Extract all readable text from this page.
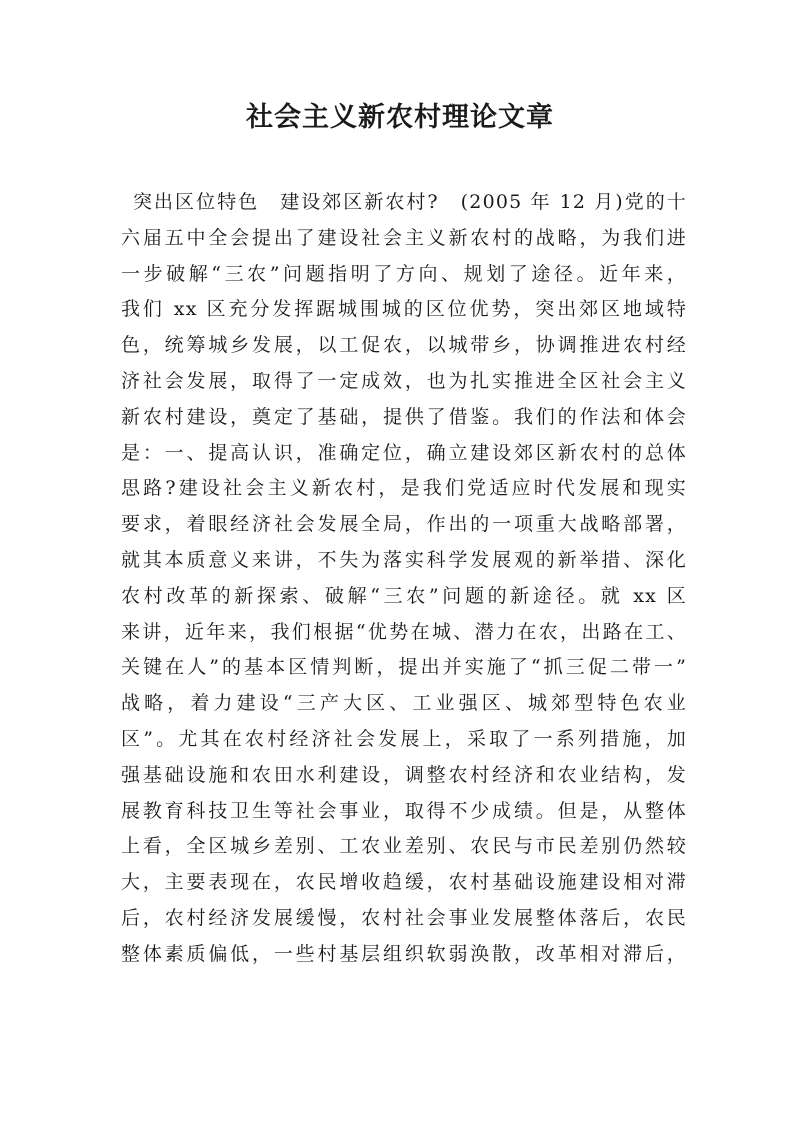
社会主义新农村理论文章
突出区位特色　建设郊区新农村?　(2005 年 12 月)党的十
六届五中全会提出了建设社会主义新农村的战略，为我们进
一步破解“三农”问题指明了方向、规划了途径。近年来，
我们 xx 区充分发挥踞城围城的区位优势，突出郊区地域特
色，统筹城乡发展，以工促农，以城带乡，协调推进农村经
济社会发展，取得了一定成效，也为扎实推进全区社会主义
新农村建设，奠定了基础，提供了借鉴。我们的作法和体会
是：一、提高认识，准确定位，确立建设郊区新农村的总体
思路?建设社会主义新农村，是我们党适应时代发展和现实
要求，着眼经济社会发展全局，作出的一项重大战略部署，
就其本质意义来讲，不失为落实科学发展观的新举措、深化
农村改革的新探索、破解“三农”问题的新途径。就 xx 区
来讲，近年来，我们根据“优势在城、潜力在农，出路在工、
关键在人”的基本区情判断，提出并实施了“抓三促二带一”
战略，着力建设“三产大区、工业强区、城郊型特色农业
区”。尤其在农村经济社会发展上，采取了一系列措施，加
强基础设施和农田水利建设，调整农村经济和农业结构，发
展教育科技卫生等社会事业，取得不少成绩。但是，从整体
上看，全区城乡差别、工农业差别、农民与市民差别仍然较
大，主要表现在，农民增收趋缓，农村基础设施建设相对滞
后，农村经济发展缓慢，农村社会事业发展整体落后，农民
整体素质偏低，一些村基层组织软弱涣散，改革相对滞后，
